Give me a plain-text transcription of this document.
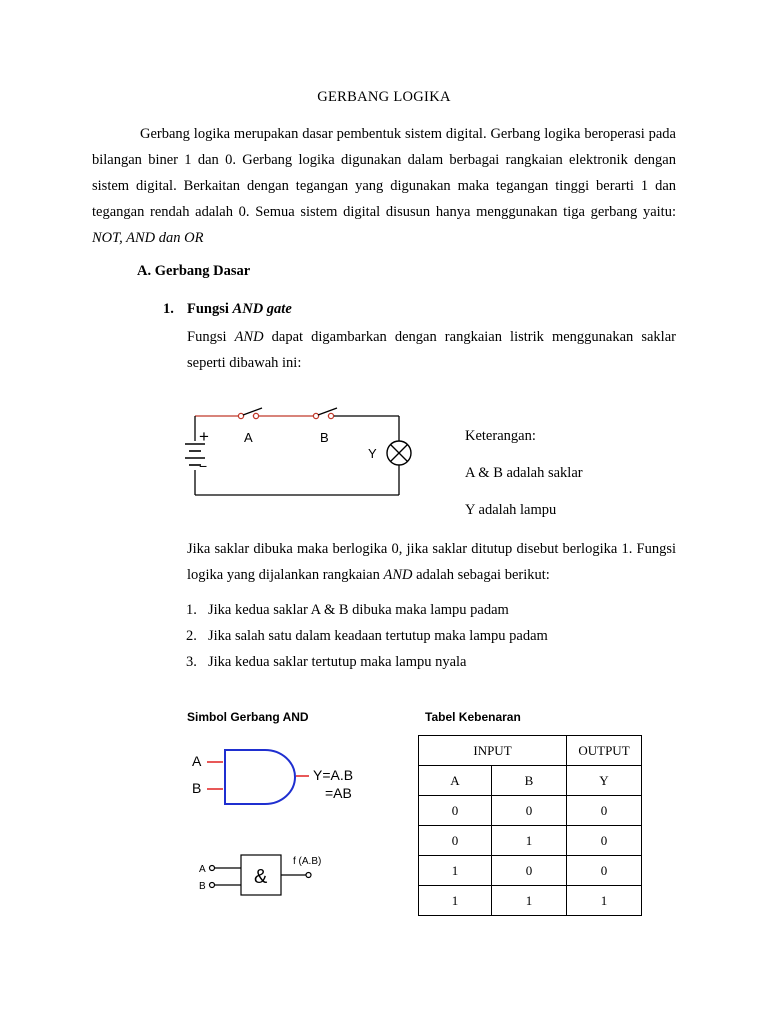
GERBANG LOGIKA
Gerbang logika merupakan dasar pembentuk sistem digital. Gerbang logika beroperasi pada bilangan biner 1 dan 0. Gerbang logika digunakan dalam berbagai rangkaian elektronik dengan sistem digital. Berkaitan dengan tegangan yang digunakan maka tegangan tinggi berarti 1 dan tegangan rendah adalah 0. Semua sistem digital disusun hanya menggunakan tiga gerbang yaitu: NOT, AND dan OR
A. Gerbang Dasar
1. Fungsi AND gate
Fungsi AND dapat digambarkan dengan rangkaian listrik menggunakan saklar seperti dibawah ini:
+
−
A	B
Y
Keterangan:
A & B adalah saklar
Y adalah lampu
Jika saklar dibuka maka berlogika 0, jika saklar ditutup disebut berlogika 1. Fungsi logika yang dijalankan rangkaian AND adalah sebagai berikut:
1. Jika kedua saklar A & B dibuka maka lampu padam
2. Jika salah satu dalam keadaan tertutup maka lampu padam
3. Jika kedua saklar tertutup maka lampu nyala
Simbol Gerbang AND	Tabel Kebenaran
A
B
Y=A.B
=AB
A
B &
f (A.B)
INPUT		OUTPUT
A	B	Y
0	0	0
0	1	0
1	0	0
1	1	1
